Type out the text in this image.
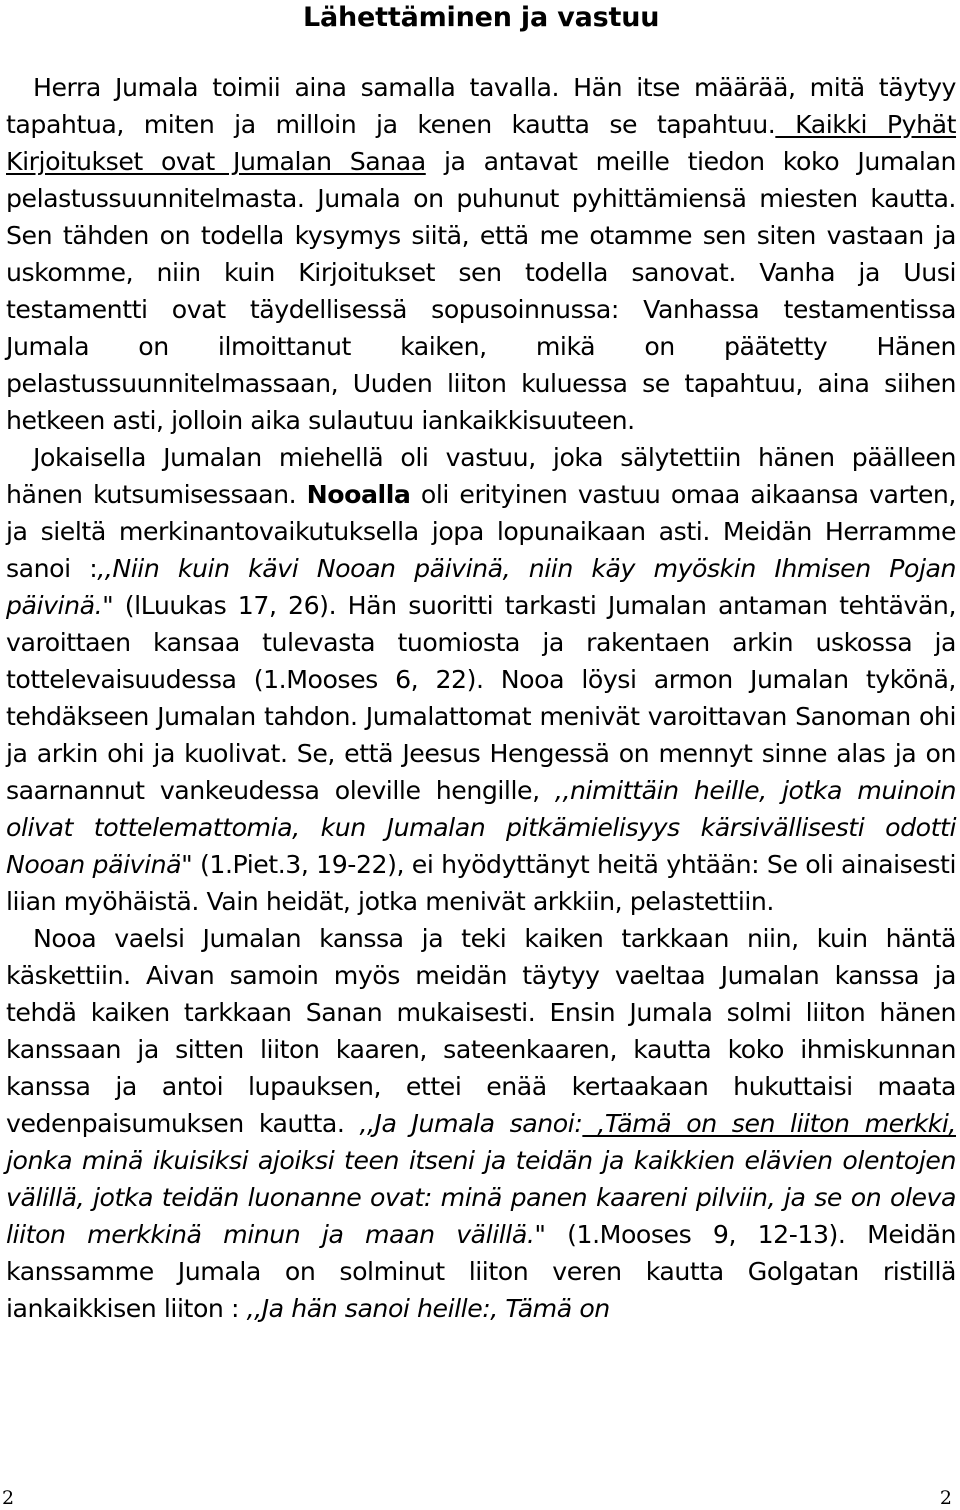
Lähettäminen ja vastuu

Herra Jumala toimii aina samalla tavalla. Hän itse määrää, mitä täytyy tapahtua, miten ja milloin ja kenen kautta se tapahtuu. Kaikki Pyhät Kirjoitukset ovat Jumalan Sanaa ja antavat meille tiedon koko Jumalan pelastussuunnitelmasta. Jumala on puhunut pyhittämiensä miesten kautta. Sen tähden on todella kysymys siitä, että me otamme sen siten vastaan ja uskomme, niin kuin Kirjoitukset sen todella sanovat. Vanha ja Uusi testamentti ovat täydellisessä sopusoinnussa: Vanhassa testamentissa Jumala on ilmoittanut kaiken, mikä on päätetty Hänen pelastussuunnitelmassaan, Uuden liiton kuluessa se tapahtuu, aina siihen hetkeen asti, jolloin aika sulautuu iankaikkisuuteen.

Jokaisella Jumalan miehellä oli vastuu, joka sälytettiin hänen päälleen hänen kutsumisessaan. Nooalla oli erityinen vastuu omaa aikaansa varten, ja sieltä merkinantovaikutuksella jopa lopunaikaan asti. Meidän Herramme sanoi :,,Niin kuin kävi Nooan päivinä, niin käy myöskin Ihmisen Pojan päivinä." (lLuukas 17, 26). Hän suoritti tarkasti Jumalan antaman tehtävän, varoittaen kansaa tulevasta tuomiosta ja rakentaen arkin uskossa ja tottelevaisuudessa (1.Mooses 6, 22). Nooa löysi armon Jumalan tykönä, tehdäkseen Jumalan tahdon. Jumalattomat menivät varoittavan Sanoman ohi ja arkin ohi ja kuolivat. Se, että Jeesus Hengessä on mennyt sinne alas ja on saarnannut vankeudessa oleville hengille, ,,nimittäin heille, jotka muinoin olivat tottelemattomia, kun Jumalan pitkämielisyys kärsivällisesti odotti Nooan päivinä" (1.Piet.3, 19-22), ei hyödyttänyt heitä yhtään: Se oli ainaisesti liian myöhäistä. Vain heidät, jotka menivät arkkiin, pelastettiin.

Nooa vaelsi Jumalan kanssa ja teki kaiken tarkkaan niin, kuin häntä käskettiin. Aivan samoin myös meidän täytyy vaeltaa Jumalan kanssa ja tehdä kaiken tarkkaan Sanan mukaisesti. Ensin Jumala solmi liiton hänen kanssaan ja sitten liiton kaaren, sateenkaaren, kautta koko ihmiskunnan kanssa ja antoi lupauksen, ettei enää kertaakaan hukuttaisi maata vedenpaisumuksen kautta. ,,Ja Jumala sanoi: ,Tämä on sen liiton merkki, jonka minä ikuisiksi ajoiksi teen itseni ja teidän ja kaikkien elävien olentojen välillä, jotka teidän luonanne ovat: minä panen kaareni pilviin, ja se on oleva liiton merkkinä minun ja maan välillä." (1.Mooses 9, 12-13). Meidän kanssamme Jumala on solminut liiton veren kautta Golgatan ristillä iankaikkisen liiton : ,,Ja hän sanoi heille:, Tämä on

2	2
